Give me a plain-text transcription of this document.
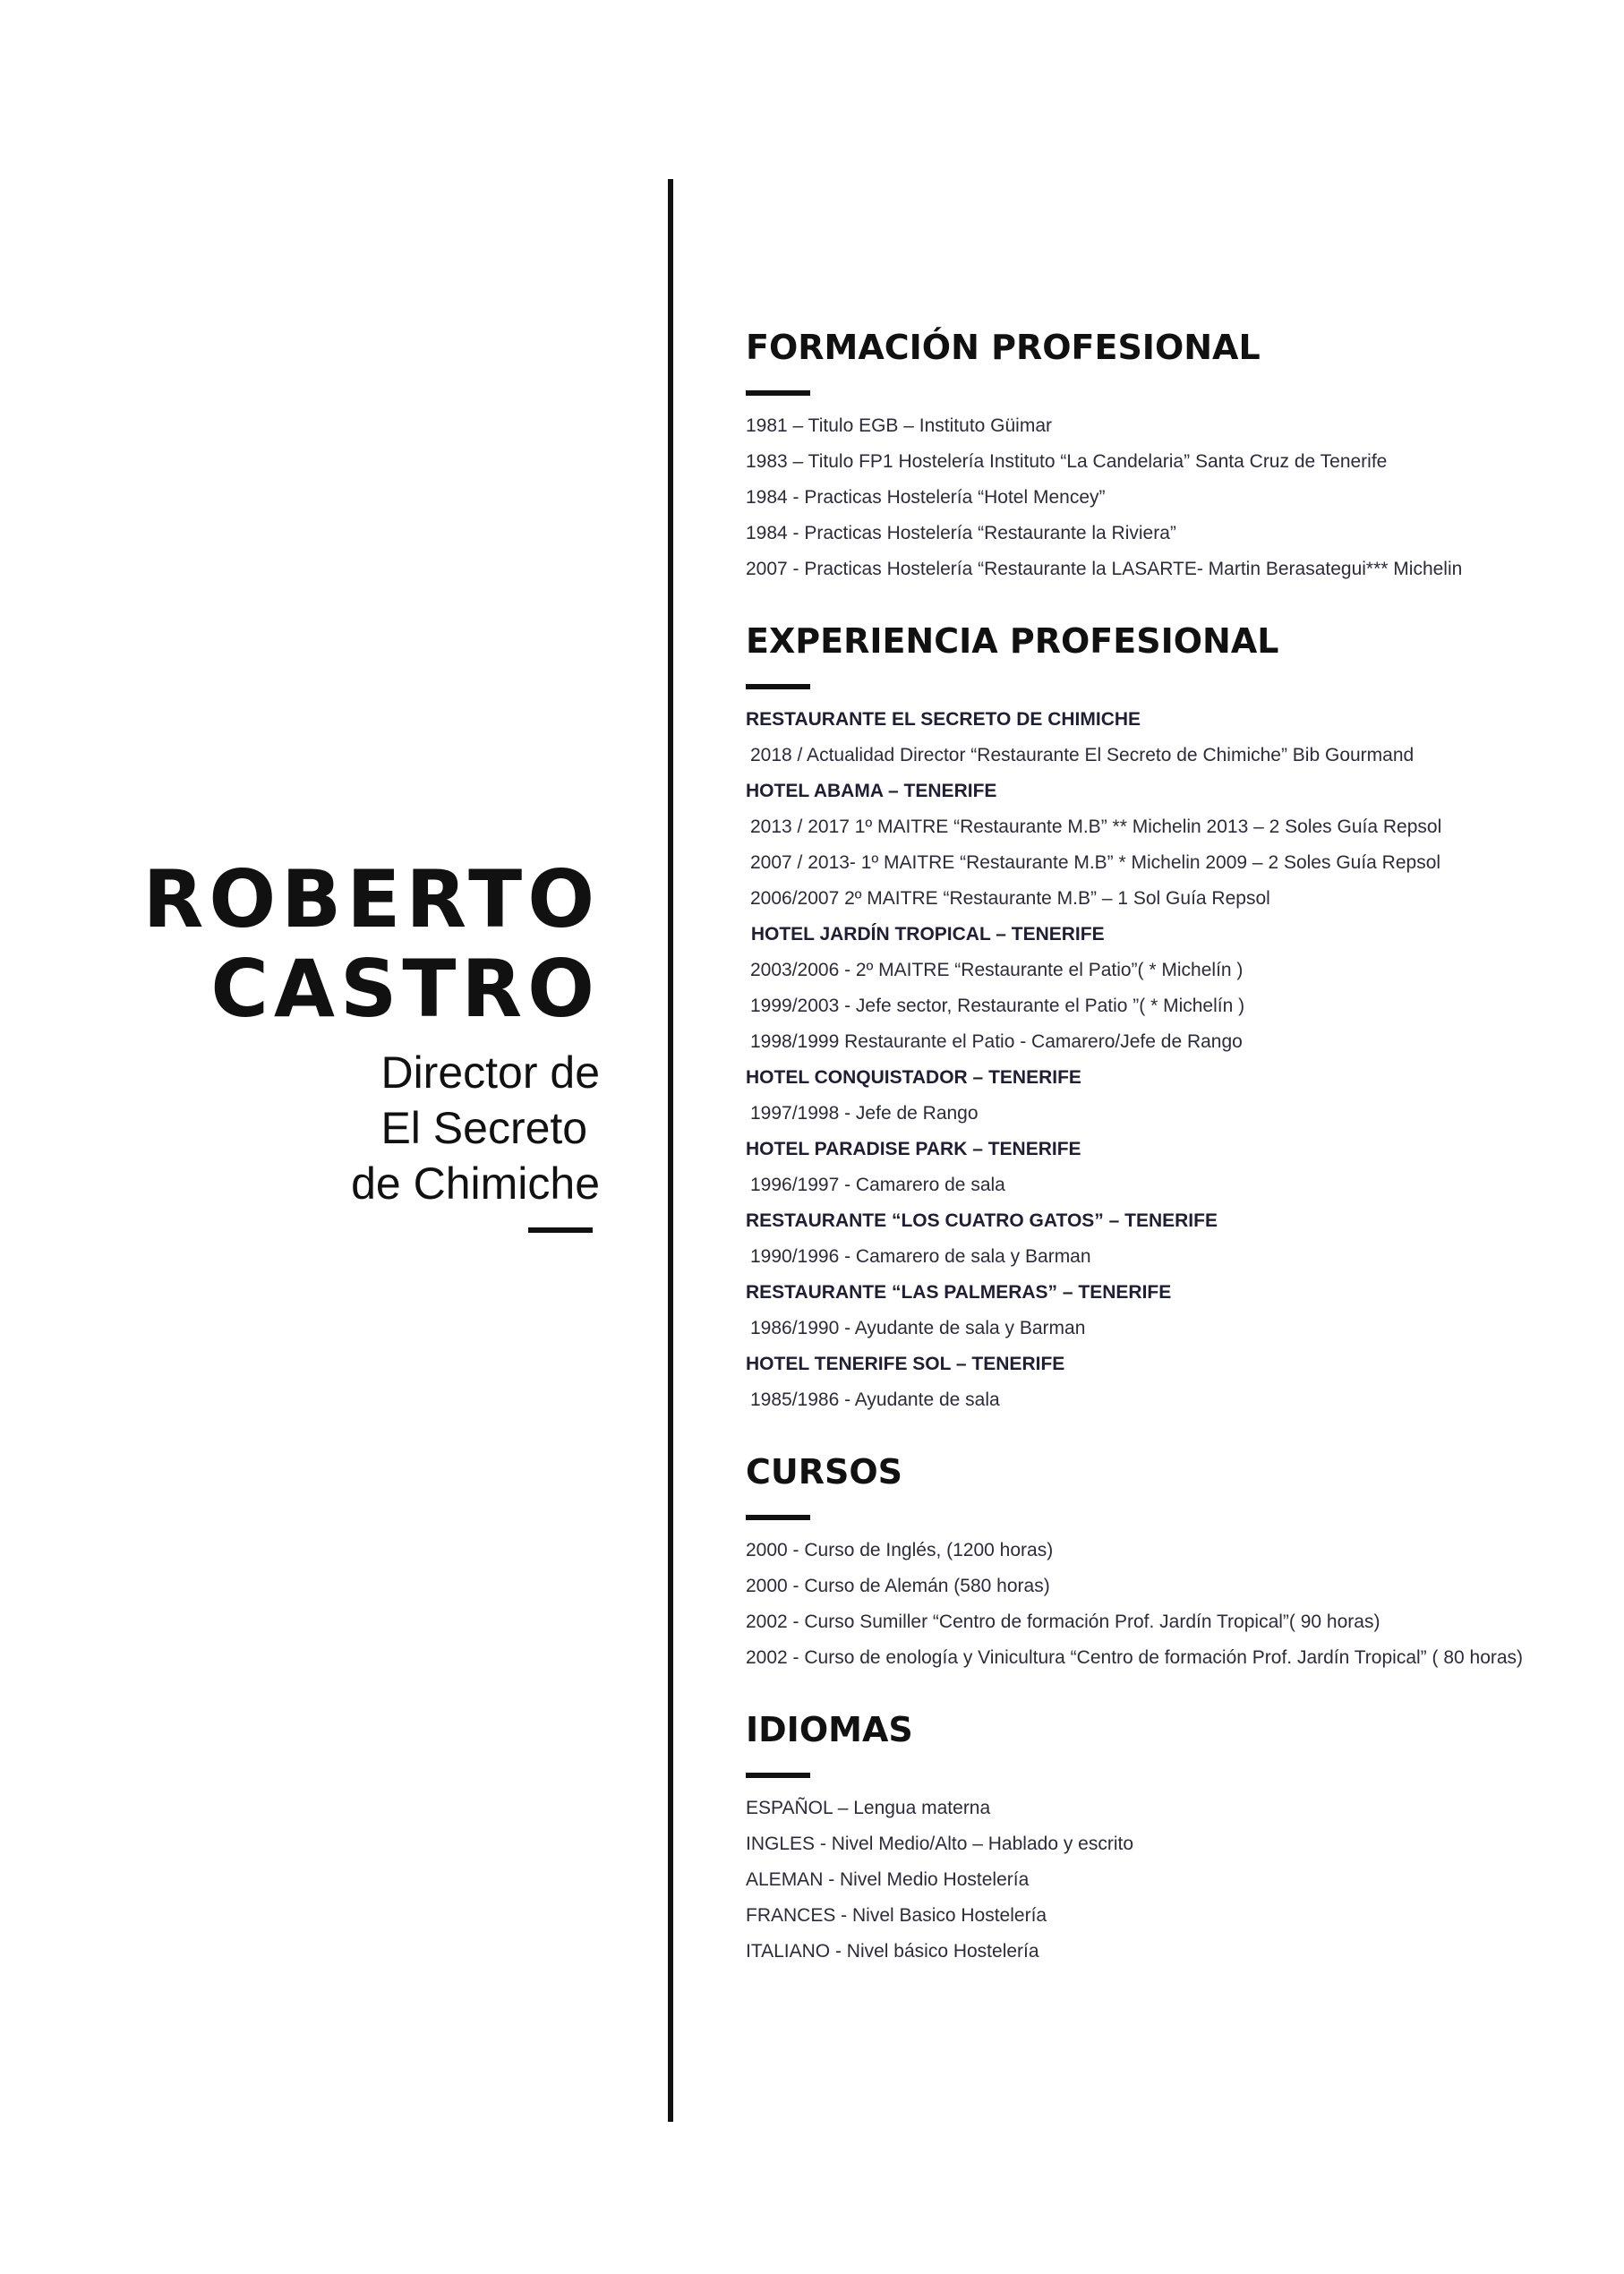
ROBERTO

CASTRO

Director de
El Secreto
de Chimiche
FORMACIÓN PROFESIONAL
1981 – Titulo EGB – Instituto Güimar
1983 – Titulo FP1 Hostelería Instituto “La Candelaria” Santa Cruz de Tenerife
1984 - Practicas Hostelería “Hotel Mencey”
1984 - Practicas Hostelería “Restaurante la Riviera”
2007 - Practicas Hostelería “Restaurante la LASARTE- Martin Berasategui*** Michelin
EXPERIENCIA PROFESIONAL
RESTAURANTE EL SECRETO DE CHIMICHE
2018 / Actualidad Director “Restaurante El Secreto de Chimiche” Bib Gourmand
HOTEL ABAMA – TENERIFE
2013 / 2017 1º MAITRE “Restaurante M.B” ** Michelin 2013 – 2 Soles Guía Repsol
2007 / 2013- 1º MAITRE “Restaurante M.B” * Michelin 2009 – 2 Soles Guía Repsol
2006/2007 2º MAITRE “Restaurante M.B” – 1 Sol Guía Repsol
HOTEL JARDÍN TROPICAL – TENERIFE
2003/2006 - 2º MAITRE “Restaurante el Patio”( * Michelín )
1999/2003 - Jefe sector, Restaurante el Patio ”( * Michelín )
1998/1999 Restaurante el Patio - Camarero/Jefe de Rango
HOTEL CONQUISTADOR – TENERIFE
1997/1998 - Jefe de Rango
HOTEL PARADISE PARK – TENERIFE
1996/1997 - Camarero de sala
RESTAURANTE “LOS CUATRO GATOS” – TENERIFE
1990/1996 - Camarero de sala y Barman
RESTAURANTE “LAS PALMERAS” – TENERIFE
1986/1990 - Ayudante de sala y Barman
HOTEL TENERIFE SOL – TENERIFE
1985/1986 - Ayudante de sala
CURSOS
2000 - Curso de Inglés, (1200 horas)
2000 - Curso de Alemán (580 horas)
2002 - Curso Sumiller “Centro de formación Prof. Jardín Tropical”( 90 horas)
2002 - Curso de enología y Vinicultura “Centro de formación Prof. Jardín Tropical” ( 80 horas)
IDIOMAS
ESPAÑOL – Lengua materna
INGLES - Nivel Medio/Alto – Hablado y escrito
ALEMAN - Nivel Medio Hostelería
FRANCES - Nivel Basico Hostelería
ITALIANO - Nivel básico Hostelería
